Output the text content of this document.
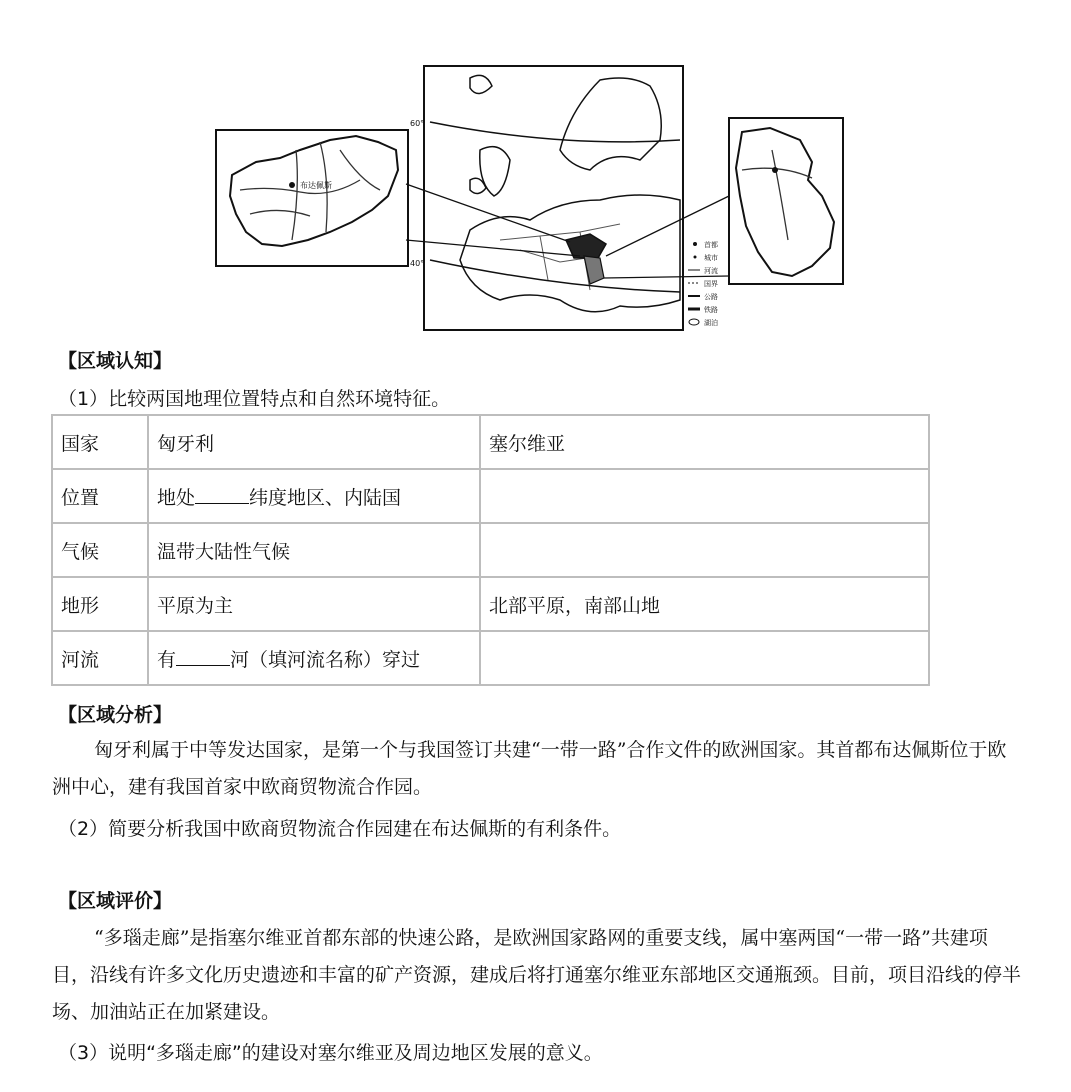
布达佩斯
60°
40°
首都
城市
河流
国界
公路
铁路
湖泊
【区域认知】
（1）比较两国地理位置特点和自然环境特征。
国家	匈牙利	塞尔维亚
位置	地处 纬度地区、内陆国	
气候	温带大陆性气候	
地形	平原为主	北部平原，南部山地
河流	有 河（填河流名称）穿过	
【区域分析】
匈牙利属于中等发达国家，是第一个与我国签订共建“一带一路”合作文件的欧洲国家。其首都布达佩斯位于欧洲中心，建有我国首家中欧商贸物流合作园。
（2）简要分析我国中欧商贸物流合作园建在布达佩斯的有利条件。
【区域评价】
“多瑙走廊”是指塞尔维亚首都东部的快速公路，是欧洲国家路网的重要支线，属中塞两国“一带一路”共建项目，沿线有许多文化历史遗迹和丰富的矿产资源，建成后将打通塞尔维亚东部地区交通瓶颈。目前，项目沿线的停半场、加油站正在加紧建设。
（3）说明“多瑙走廊”的建设对塞尔维亚及周边地区发展的意义。
